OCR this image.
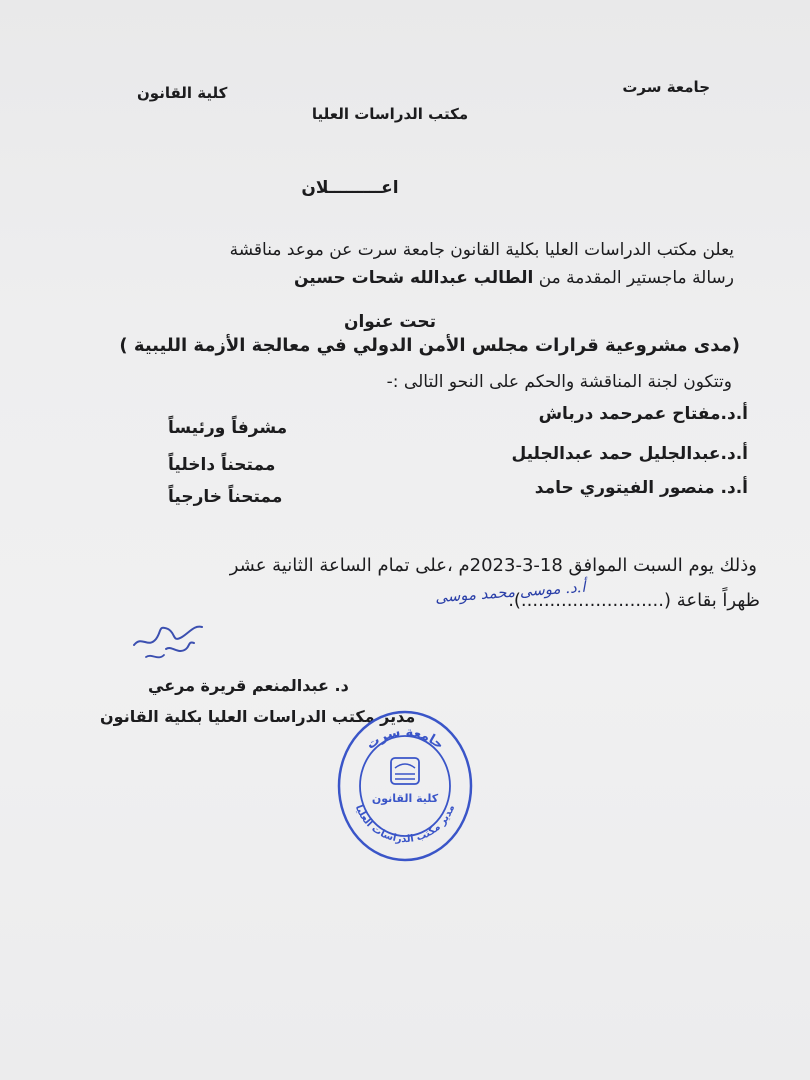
جامعة سرت
كلية القانون
مكتب الدراسات العليا
اعـــــــــلان
يعلن مكتب الدراسات العليا بكلية القانون جامعة سرت عن موعد مناقشة
رسالة ماجستير المقدمة من الطالب عبدالله شحات حسين
تحت عنوان
(مدى مشروعية قرارات مجلس الأمن الدولي في معالجة الأزمة الليبية )
وتتكون لجنة المناقشة والحكم على النحو التالى :-
أ.د.مفتاح عمرحمد درباش
مشرفاً ورئيساً
أ.د.عبدالجليل حمد عبدالجليل
ممتحناً داخلياً
أ.د. منصور الفيتوري حامد
ممتحناً خارجياً
وذلك يوم السبت الموافق 18-3-2023م ،على تمام الساعة الثانية عشر
ظهراً بقاعة (.........................).
أ.د. موسى محمد موسى
د. عبدالمنعم قريرة مرعي
مدير مكتب الدراسات العليا بكلية القانون
جامعة سرت
مدير مكتب الدراسات العليا
كلية القانون
